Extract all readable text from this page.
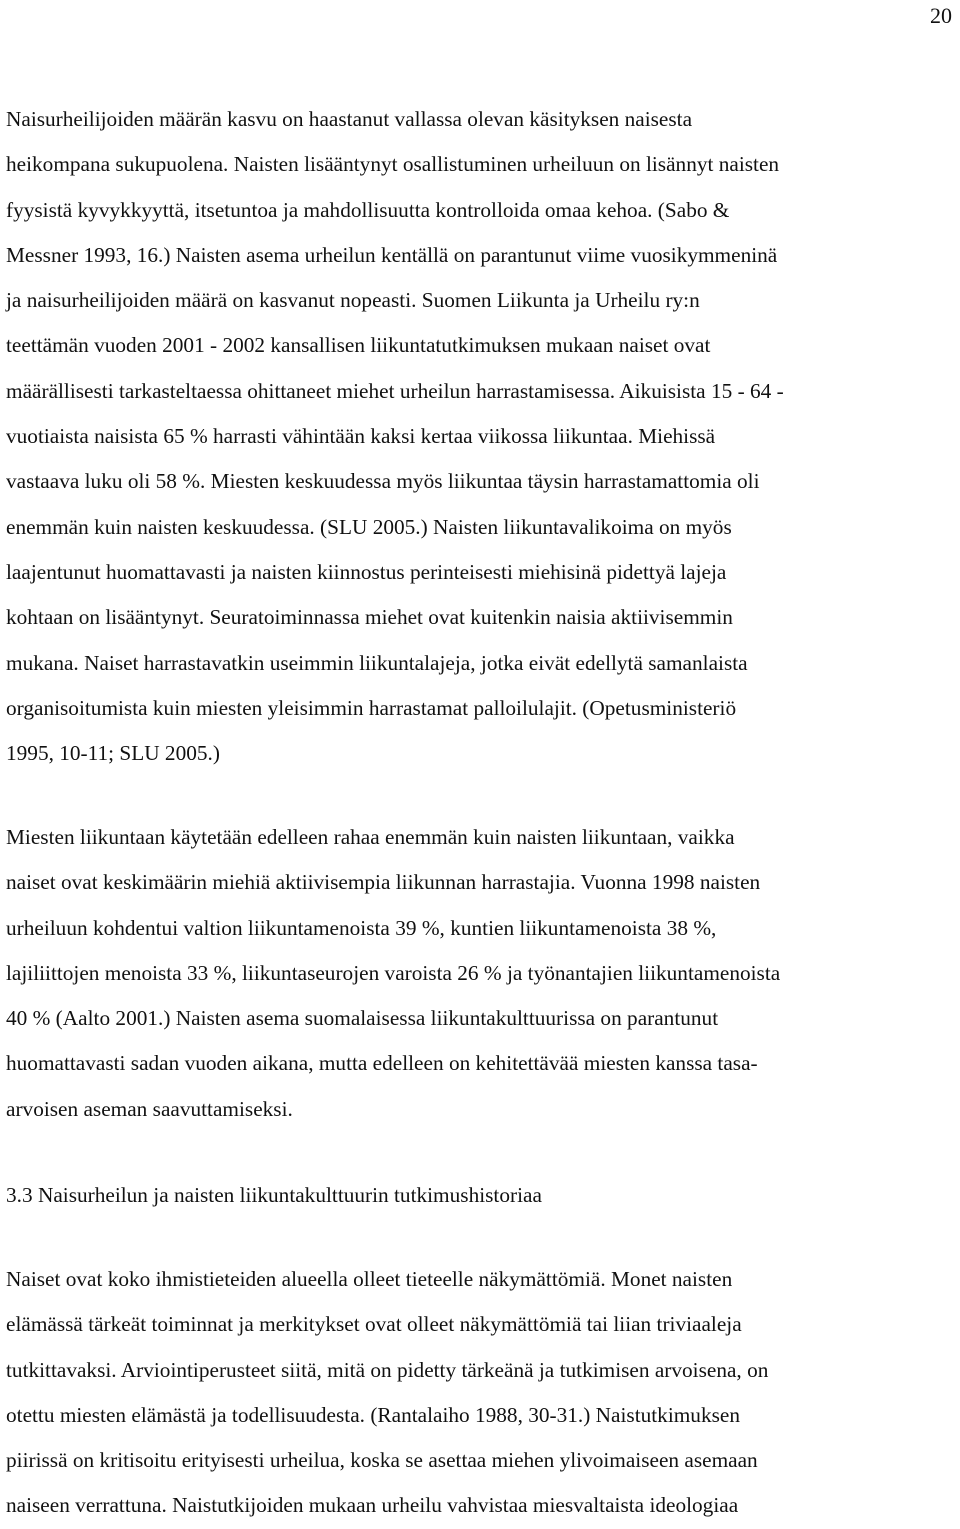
20

Naisurheilijoiden määrän kasvu on haastanut vallassa olevan käsityksen naisesta
heikompana sukupuolena. Naisten lisääntynyt osallistuminen urheiluun on lisännyt naisten
fyysistä kyvykkyyttä, itsetuntoa ja mahdollisuutta kontrolloida omaa kehoa. (Sabo &
Messner 1993, 16.) Naisten asema urheilun kentällä on parantunut viime vuosikymmeninä
ja naisurheilijoiden määrä on kasvanut nopeasti. Suomen Liikunta ja Urheilu ry:n
teettämän vuoden 2001 - 2002 kansallisen liikuntatutkimuksen mukaan naiset ovat
määrällisesti tarkasteltaessa ohittaneet miehet urheilun harrastamisessa. Aikuisista 15 - 64 -
vuotiaista naisista 65 % harrasti vähintään kaksi kertaa viikossa liikuntaa. Miehissä
vastaava luku oli 58 %. Miesten keskuudessa myös liikuntaa täysin harrastamattomia oli
enemmän kuin naisten keskuudessa. (SLU 2005.) Naisten liikuntavalikoima on myös
laajentunut huomattavasti ja naisten kiinnostus perinteisesti miehisinä pidettyä lajeja
kohtaan on lisääntynyt. Seuratoiminnassa miehet ovat kuitenkin naisia aktiivisemmin
mukana. Naiset harrastavatkin useimmin liikuntalajeja, jotka eivät edellytä samanlaista
organisoitumista kuin miesten yleisimmin harrastamat palloilulajit. (Opetusministeriö
1995, 10-11; SLU 2005.)

Miesten liikuntaan käytetään edelleen rahaa enemmän kuin naisten liikuntaan, vaikka
naiset ovat keskimäärin miehiä aktiivisempia liikunnan harrastajia. Vuonna 1998 naisten
urheiluun kohdentui valtion liikuntamenoista 39 %, kuntien liikuntamenoista 38 %,
lajiliittojen menoista 33 %, liikuntaseurojen varoista 26 % ja työnantajien liikuntamenoista
40 % (Aalto 2001.) Naisten asema suomalaisessa liikuntakulttuurissa on parantunut
huomattavasti sadan vuoden aikana, mutta edelleen on kehitettävää miesten kanssa tasa-
arvoisen aseman saavuttamiseksi.

3.3 Naisurheilun ja naisten liikuntakulttuurin tutkimushistoriaa

Naiset ovat koko ihmistieteiden alueella olleet tieteelle näkymättömiä. Monet naisten
elämässä tärkeät toiminnat ja merkitykset ovat olleet näkymättömiä tai liian triviaaleja
tutkittavaksi. Arviointiperusteet siitä, mitä on pidetty tärkeänä ja tutkimisen arvoisena, on
otettu miesten elämästä ja todellisuudesta. (Rantalaiho 1988, 30-31.) Naistutkimuksen
piirissä on kritisoitu erityisesti urheilua, koska se asettaa miehen ylivoimaiseen asemaan
naiseen verrattuna. Naistutkijoiden mukaan urheilu vahvistaa miesvaltaista ideologiaa
